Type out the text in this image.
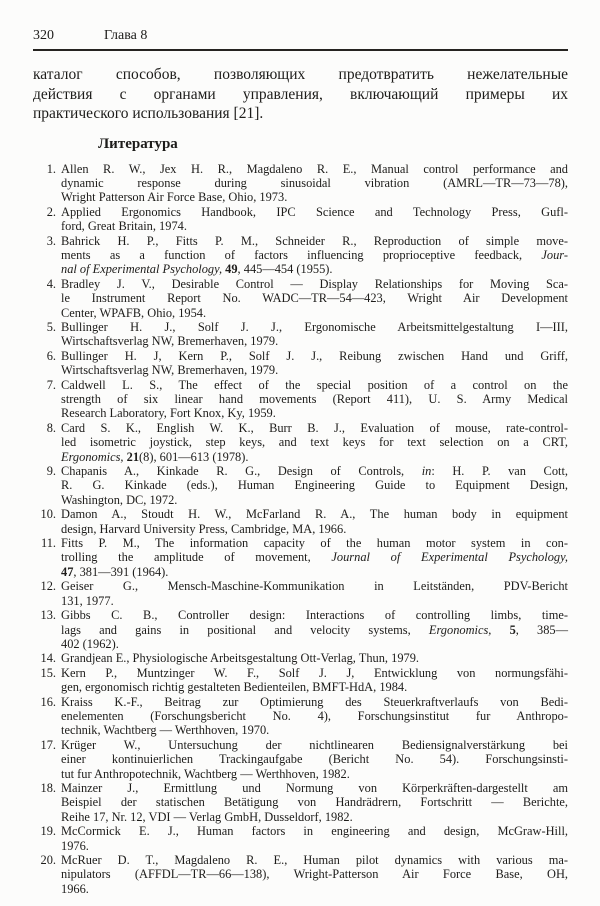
320	Глава 8
каталог способов, позволяющих предотвратить нежелательные
действия с органами управления, включающий примеры их
практического использования [21].
Литература
1. Allen R. W., Jex H. R., Magdaleno R. E., Manual control performance and
dynamic response during sinusoidal vibration (AMRL—TR—73—78),
Wright Patterson Air Force Base, Ohio, 1973.
2. Applied Ergonomics Handbook, IPC Science and Technology Press, Gufl-
ford, Great Britain, 1974.
3. Bahrick H. P., Fitts P. M., Schneider R., Reproduction of simple move-
ments as a function of factors influencing proprioceptive feedback, Jour-
nal of Experimental Psychology, 49, 445—454 (1955).
4. Bradley J. V., Desirable Control — Display Relationships for Moving Sca-
le Instrument Report No. WADC—TR—54—423, Wright Air Development
Center, WPAFB, Ohio, 1954.
5. Bullinger H. J., Solf J. J., Ergonomische Arbeitsmittelgestaltung I—III,
Wirtschaftsverlag NW, Bremerhaven, 1979.
6. Bullinger H. J, Kern P., Solf J. J., Reibung zwischen Hand und Griff,
Wirtschaftsverlag NW, Bremerhaven, 1979.
7. Caldwell L. S., The effect of the special position of a control on the
strength of six linear hand movements (Report 411), U. S. Army Medical
Research Laboratory, Fort Knox, Ky, 1959.
8. Card S. K., English W. K., Burr B. J., Evaluation of mouse, rate-control-
led isometric joystick, step keys, and text keys for text selection on a CRT,
Ergonomics, 21(8), 601—613 (1978).
9. Chapanis A., Kinkade R. G., Design of Controls, in: H. P. van Cott,
R. G. Kinkade (eds.), Human Engineering Guide to Equipment Design,
Washington, DC, 1972.
10. Damon A., Stoudt H. W., McFarland R. A., The human body in equipment
design, Harvard University Press, Cambridge, MA, 1966.
11. Fitts P. M., The information capacity of the human motor system in con-
trolling the amplitude of movement, Journal of Experimental Psychology,
47, 381—391 (1964).
12. Geiser G., Mensch-Maschine-Kommunikation in Leitständen, PDV-Bericht
131, 1977.
13. Gibbs C. B., Controller design: Interactions of controlling limbs, time-
lags and gains in positional and velocity systems, Ergonomics, 5, 385—
402 (1962).
14. Grandjean E., Physiologische Arbeitsgestaltung Ott-Verlag, Thun, 1979.
15. Kern P., Muntzinger W. F., Solf J. J, Entwicklung von normungsfähi-
gen, ergonomisch richtig gestalteten Bedienteilen, BMFT-HdA, 1984.
16. Kraiss K.-F., Beitrag zur Optimierung des Steuerkraftverlaufs von Bedi-
enelementen (Forschungsbericht No. 4), Forschungsinstitut fur Anthropo-
technik, Wachtberg — Werthhoven, 1970.
17. Krüger W., Untersuchung der nichtlinearen Bediensignalverstärkung bei
einer kontinuierlichen Trackingaufgabe (Bericht No. 54). Forschungsinsti-
tut fur Anthropotechnik, Wachtberg — Werthhoven, 1982.
18. Mainzer J., Ermittlung und Normung von Körperkräften-dargestellt am
Beispiel der statischen Betätigung von Handrädrern, Fortschritt — Berichte,
Reihe 17, Nr. 12, VDI — Verlag GmbH, Dusseldorf, 1982.
19. McCormick E. J., Human factors in engineering and design, McGraw-Hill,
1976.
20. McRuer D. T., Magdaleno R. E., Human pilot dynamics with various ma-
nipulators (AFFDL—TR—66—138), Wright-Patterson Air Force Base, OH,
1966.
